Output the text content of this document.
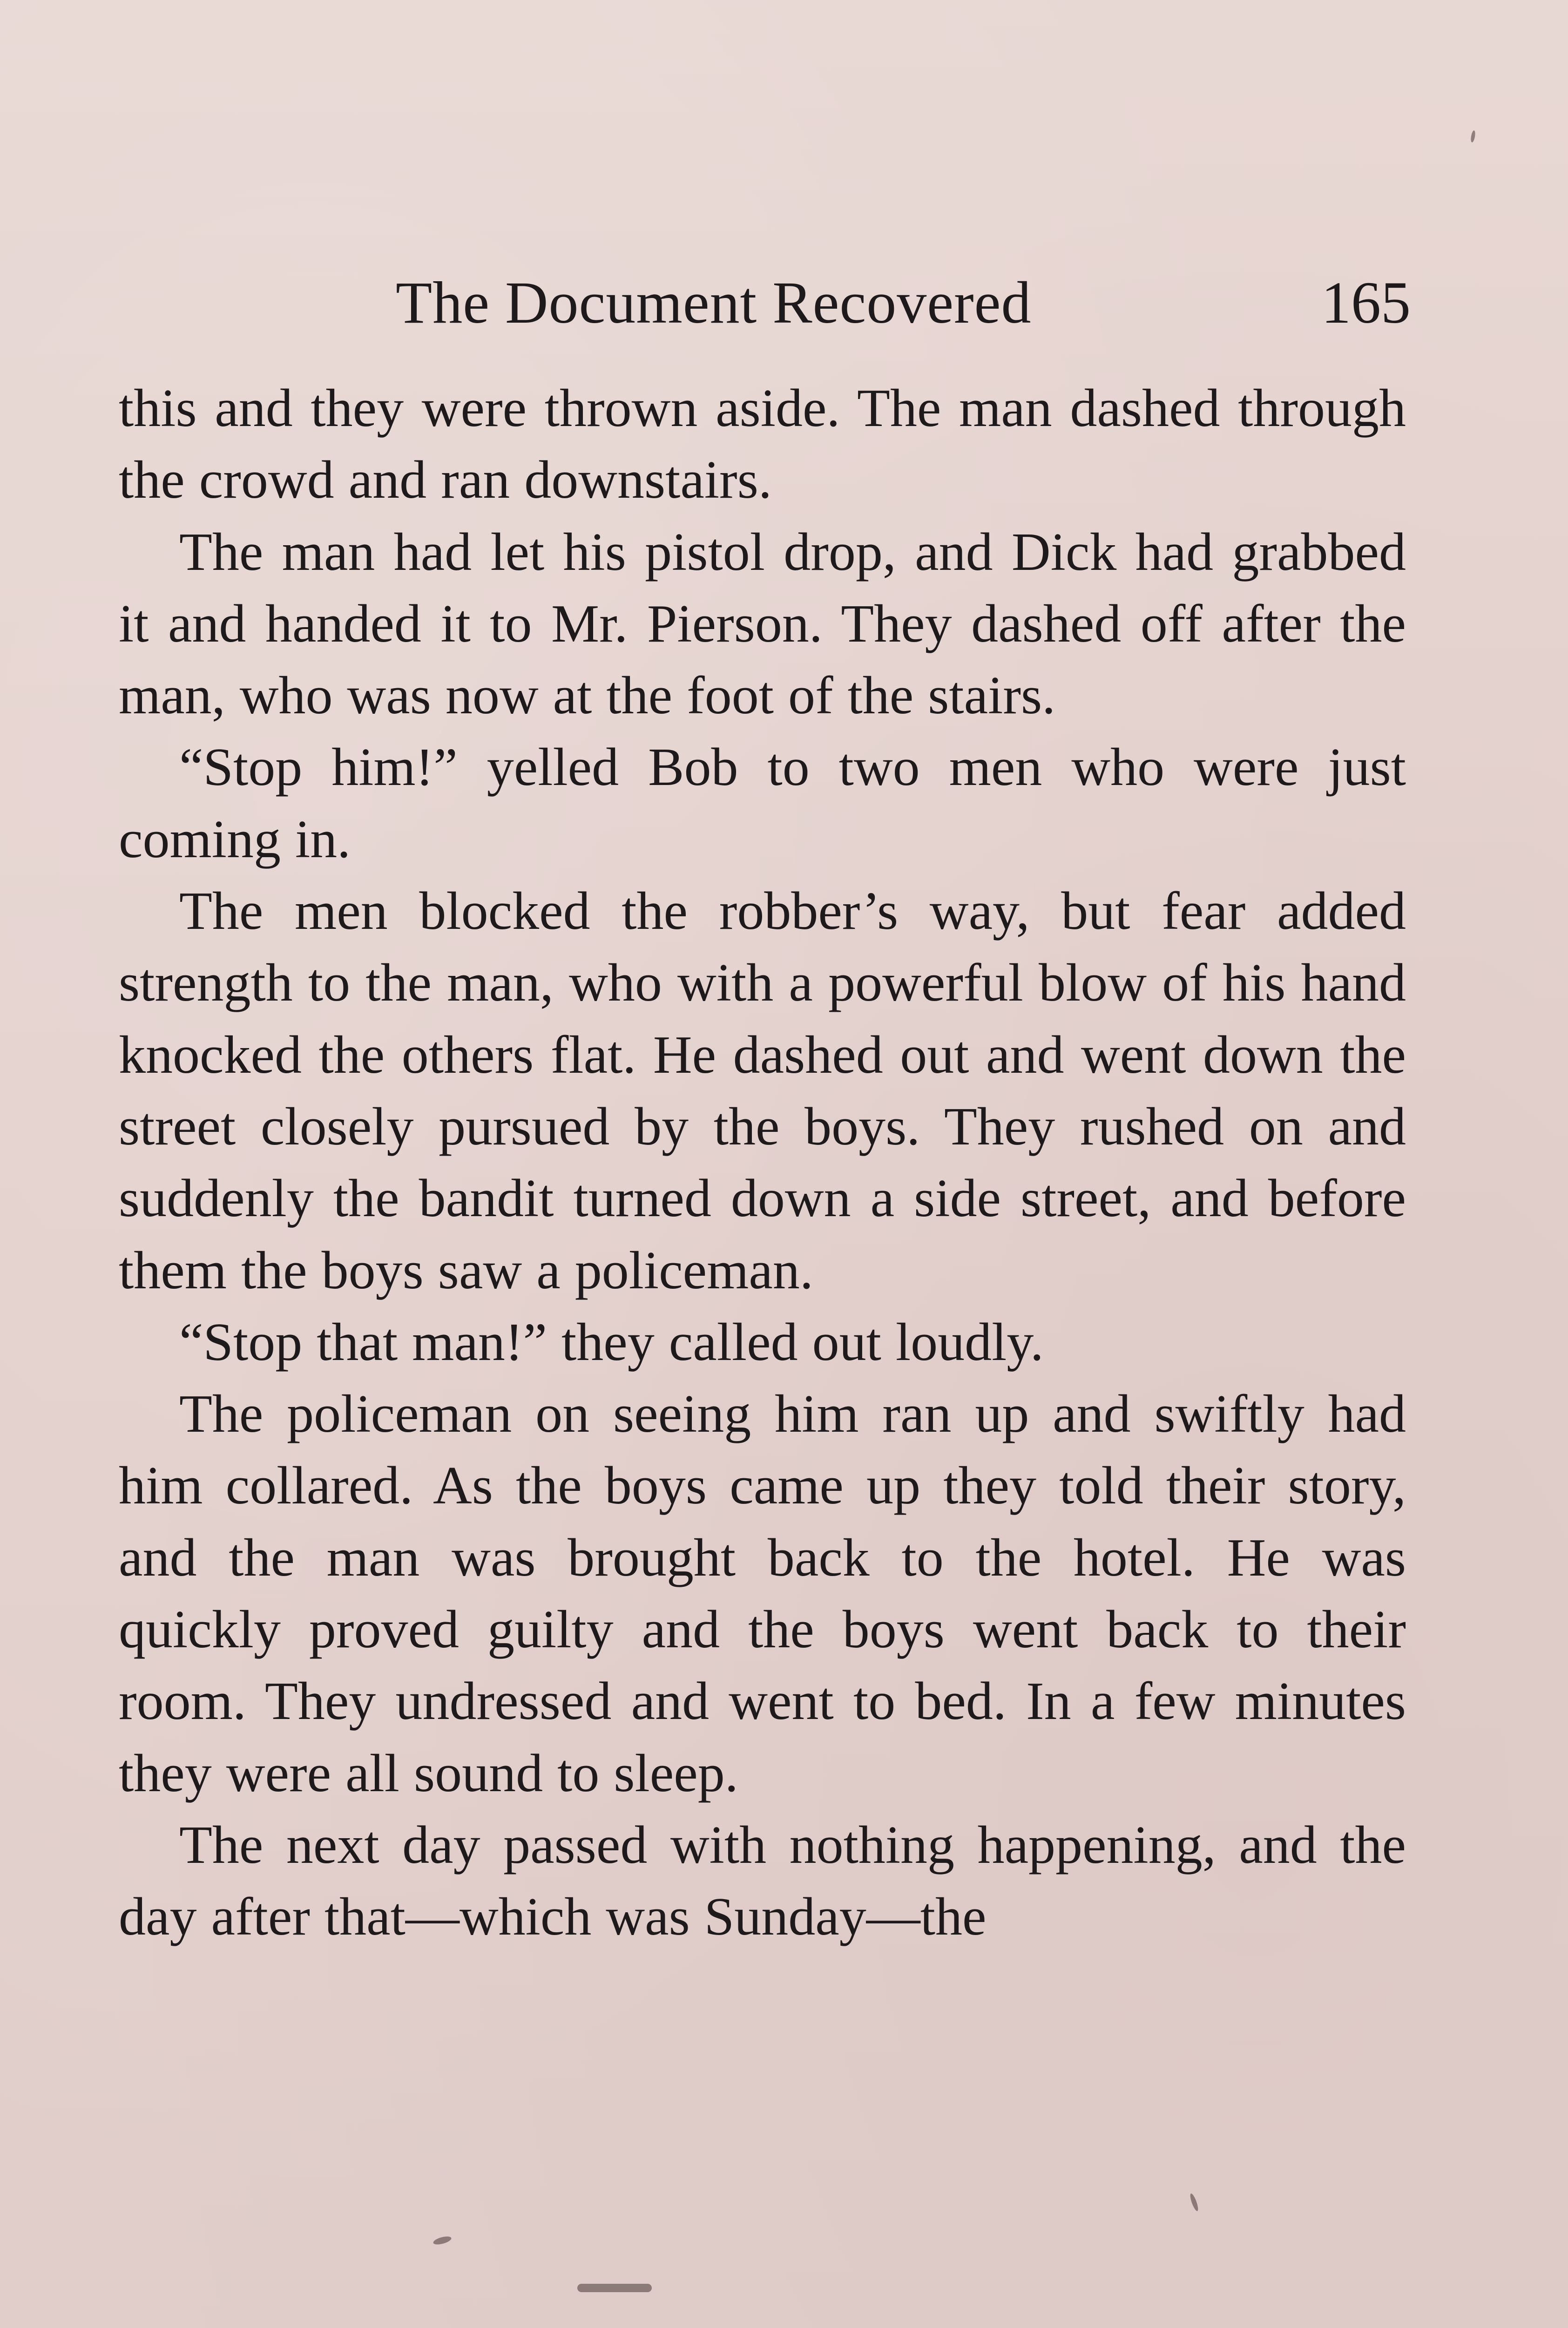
The Document Recovered	165

this and they were thrown aside. The man dashed through the crowd and ran downstairs.

The man had let his pistol drop, and Dick had grabbed it and handed it to Mr. Pierson. They dashed off after the man, who was now at the foot of the stairs.

“Stop him!” yelled Bob to two men who were just coming in.

The men blocked the robber’s way, but fear added strength to the man, who with a powerful blow of his hand knocked the others flat. He dashed out and went down the street closely pursued by the boys. They rushed on and suddenly the bandit turned down a side street, and before them the boys saw a policeman.

“Stop that man!” they called out loudly.

The policeman on seeing him ran up and swiftly had him collared. As the boys came up they told their story, and the man was brought back to the hotel. He was quickly proved guilty and the boys went back to their room. They undressed and went to bed. In a few minutes they were all sound to sleep.

The next day passed with nothing happening, and the day after that—which was Sunday—the
